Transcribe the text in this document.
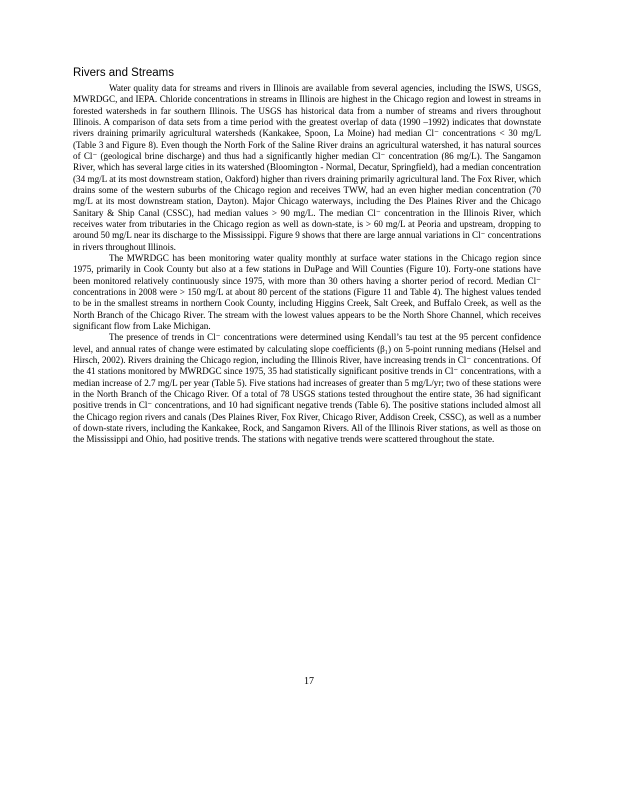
Rivers and Streams

Water quality data for streams and rivers in Illinois are available from several agencies, including the ISWS, USGS, MWRDGC, and IEPA. Chloride concentrations in streams in Illinois are highest in the Chicago region and lowest in streams in forested watersheds in far southern Illinois. The USGS has historical data from a number of streams and rivers throughout Illinois. A comparison of data sets from a time period with the greatest overlap of data (1990 –1992) indicates that downstate rivers draining primarily agricultural watersheds (Kankakee, Spoon, La Moine) had median Cl⁻ concentrations < 30 mg/L (Table 3 and Figure 8). Even though the North Fork of the Saline River drains an agricultural watershed, it has natural sources of Cl⁻ (geological brine discharge) and thus had a significantly higher median Cl⁻ concentration (86 mg/L). The Sangamon River, which has several large cities in its watershed (Bloomington - Normal, Decatur, Springfield), had a median concentration (34 mg/L at its most downstream station, Oakford) higher than rivers draining primarily agricultural land. The Fox River, which drains some of the western suburbs of the Chicago region and receives TWW, had an even higher median concentration (70 mg/L at its most downstream station, Dayton). Major Chicago waterways, including the Des Plaines River and the Chicago Sanitary & Ship Canal (CSSC), had median values > 90 mg/L. The median Cl⁻ concentration in the Illinois River, which receives water from tributaries in the Chicago region as well as down-state, is > 60 mg/L at Peoria and upstream, dropping to around 50 mg/L near its discharge to the Mississippi. Figure 9 shows that there are large annual variations in Cl⁻ concentrations in rivers throughout Illinois.

The MWRDGC has been monitoring water quality monthly at surface water stations in the Chicago region since 1975, primarily in Cook County but also at a few stations in DuPage and Will Counties (Figure 10). Forty-one stations have been monitored relatively continuously since 1975, with more than 30 others having a shorter period of record. Median Cl⁻ concentrations in 2008 were > 150 mg/L at about 80 percent of the stations (Figure 11 and Table 4). The highest values tended to be in the smallest streams in northern Cook County, including Higgins Creek, Salt Creek, and Buffalo Creek, as well as the North Branch of the Chicago River. The stream with the lowest values appears to be the North Shore Channel, which receives significant flow from Lake Michigan.

The presence of trends in Cl⁻ concentrations were determined using Kendall’s tau test at the 95 percent confidence level, and annual rates of change were estimated by calculating slope coefficients (β₁) on 5-point running medians (Helsel and Hirsch, 2002). Rivers draining the Chicago region, including the Illinois River, have increasing trends in Cl⁻ concentrations. Of the 41 stations monitored by MWRDGC since 1975, 35 had statistically significant positive trends in Cl⁻ concentrations, with a median increase of 2.7 mg/L per year (Table 5). Five stations had increases of greater than 5 mg/L/yr; two of these stations were in the North Branch of the Chicago River. Of a total of 78 USGS stations tested throughout the entire state, 36 had significant positive trends in Cl⁻ concentrations, and 10 had significant negative trends (Table 6). The positive stations included almost all the Chicago region rivers and canals (Des Plaines River, Fox River, Chicago River, Addison Creek, CSSC), as well as a number of down-state rivers, including the Kankakee, Rock, and Sangamon Rivers. All of the Illinois River stations, as well as those on the Mississippi and Ohio, had positive trends. The stations with negative trends were scattered throughout the state.

17
